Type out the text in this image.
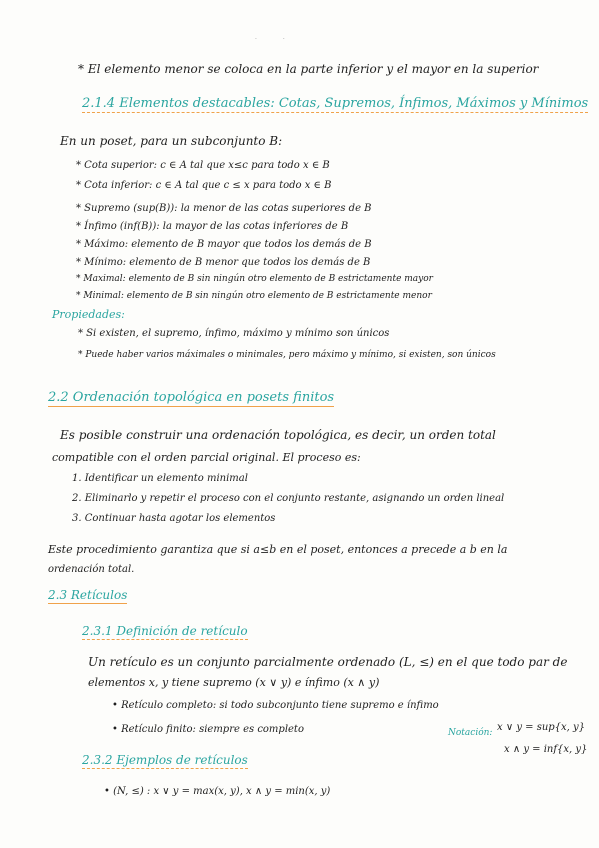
· ·
* El elemento menor se coloca en la parte inferior y el mayor en la superior
2.1.4 Elementos destacables: Cotas, Supremos, Ínfimos, Máximos y Mínimos
En un poset, para un subconjunto B:
* Cota superior: c ∈ A tal que x≤c para todo x ∈ B
* Cota inferior: c ∈ A tal que c ≤ x para todo x ∈ B
* Supremo (sup(B)): la menor de las cotas superiores de B
* Ínfimo (inf(B)): la mayor de las cotas inferiores de B
* Máximo: elemento de B mayor que todos los demás de B
* Mínimo: elemento de B menor que todos los demás de B
* Maximal: elemento de B sin ningún otro elemento de B estrictamente mayor
* Minimal: elemento de B sin ningún otro elemento de B estrictamente menor
Propiedades:
* Si existen, el supremo, ínfimo, máximo y mínimo son únicos
* Puede haber varios máximales o minimales, pero máximo y mínimo, si existen, son únicos
2.2 Ordenación topológica en posets finitos
Es posible construir una ordenación topológica, es decir, un orden total
compatible con el orden parcial original. El proceso es:
1. Identificar un elemento minimal
2. Eliminarlo y repetir el proceso con el conjunto restante, asignando un orden lineal
3. Continuar hasta agotar los elementos
Este procedimiento garantiza que si a≤b en el poset, entonces a precede a b en la
ordenación total.
2.3 Retículos
2.3.1 Definición de retículo
Un retículo es un conjunto parcialmente ordenado (L, ≤) en el que todo par de
elementos x, y tiene supremo (x ∨ y) e ínfimo (x ∧ y)
• Retículo completo: si todo subconjunto tiene supremo e ínfimo
• Retículo finito: siempre es completo	Notación: x ∨ y = sup{x, y}
x ∧ y = inf{x, y}
2.3.2 Ejemplos de retículos
• (N, ≤) : x ∨ y = max(x, y), x ∧ y = min(x, y)
